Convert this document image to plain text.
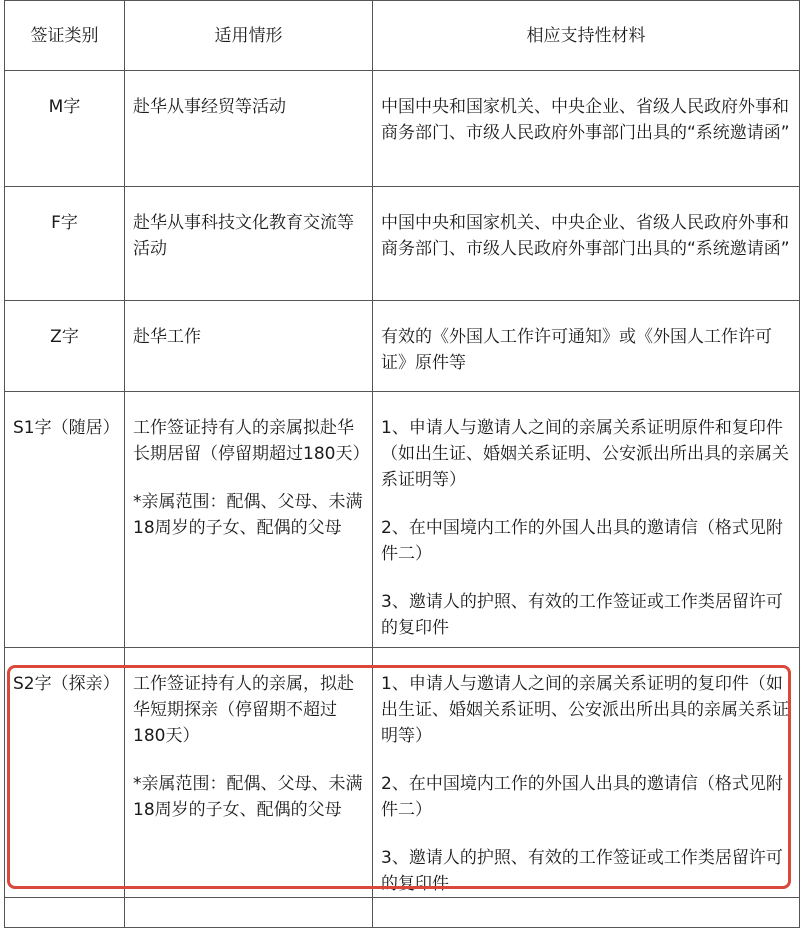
签证类别	适用情形	相应支持性材料

M字	赴华从事经贸等活动	中国中央和国家机关、中央企业、省级人民政府外事和商务部门、市级人民政府外事部门出具的“系统邀请函”

F字	赴华从事科技文化教育交流等活动	中国中央和国家机关、中央企业、省级人民政府外事和商务部门、市级人民政府外事部门出具的“系统邀请函”

Z字	赴华工作	有效的《外国人工作许可通知》或《外国人工作许可证》原件等

S1字（随居）	工作签证持有人的亲属拟赴华长期居留（停留期超过180天）
*亲属范围：配偶、父母、未满18周岁的子女、配偶的父母	1、申请人与邀请人之间的亲属关系证明原件和复印件（如出生证、婚姻关系证明、公安派出所出具的亲属关系证明等）
2、在中国境内工作的外国人出具的邀请信（格式见附件二）
3、邀请人的护照、有效的工作签证或工作类居留许可的复印件

S2字（探亲）	工作签证持有人的亲属，拟赴华短期探亲（停留期不超过180天）
*亲属范围：配偶、父母、未满18周岁的子女、配偶的父母	1、申请人与邀请人之间的亲属关系证明的复印件（如出生证、婚姻关系证明、公安派出所出具的亲属关系证明等）
2、在中国境内工作的外国人出具的邀请信（格式见附件二）
3、邀请人的护照、有效的工作签证或工作类居留许可的复印件
